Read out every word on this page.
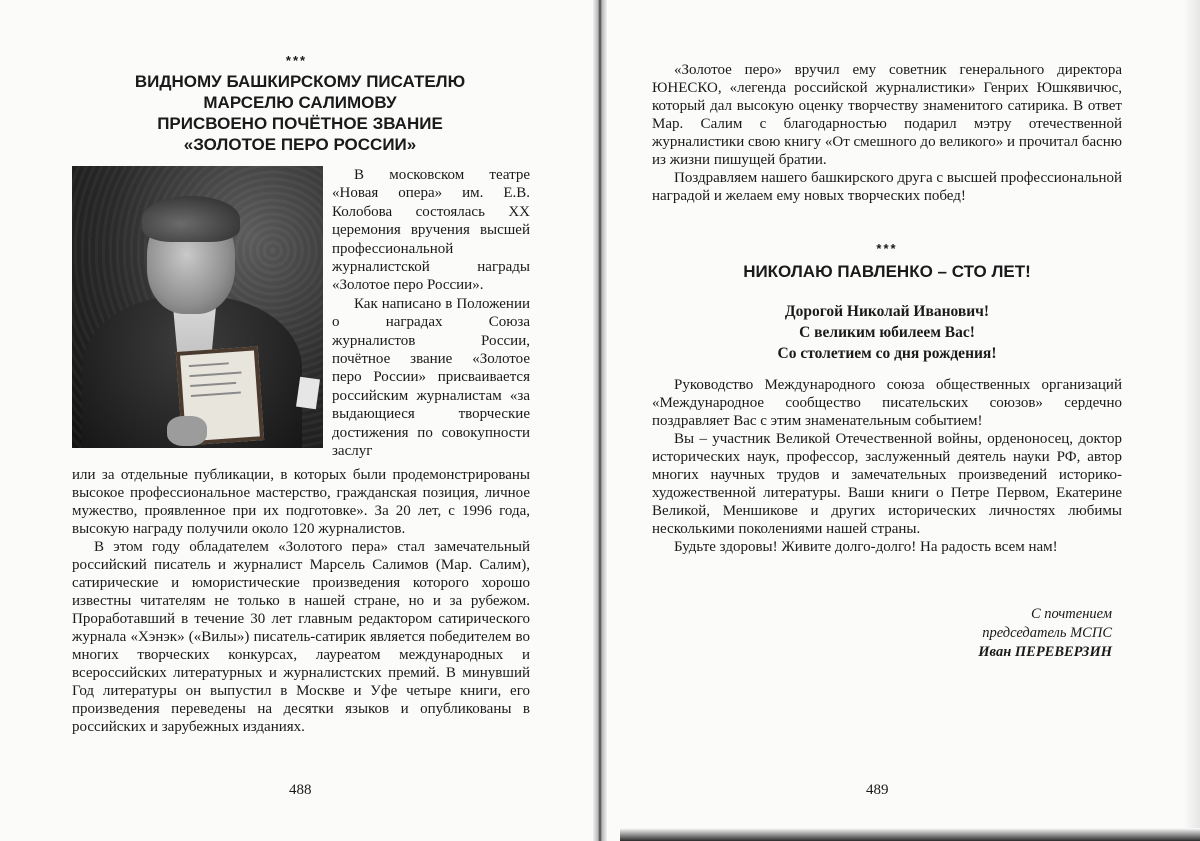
***
ВИДНОМУ БАШКИРСКОМУ ПИСАТЕЛЮ
МАРСЕЛЮ САЛИМОВУ
ПРИСВОЕНО ПОЧЁТНОЕ ЗВАНИЕ
«ЗОЛОТОЕ ПЕРО РОССИИ»

В московском театре «Новая опера» им. Е.В. Колобова состоялась XX церемония вручения высшей профессиональной журналистской награды «Золотое перо России».

Как написано в Положении о наградах Союза журналистов России, почётное звание «Золотое перо России» присваивается российским журналистам «за выдающиеся творческие достижения по совокупности заслуг

или за отдельные публикации, в которых были продемонстрированы высокое профессиональное мастерство, гражданская позиция, личное мужество, проявленное при их подготовке». За 20 лет, с 1996 года, высокую награду получили около 120 журналистов.

В этом году обладателем «Золотого пера» стал замечательный российский писатель и журналист Марсель Салимов (Мар. Салим), сатирические и юмористические произведения которого хорошо известны читателям не только в нашей стране, но и за рубежом. Проработавший в течение 30 лет главным редактором сатирического журнала «Хэнэк» («Вилы») писатель-сатирик является победителем во многих творческих конкурсах, лауреатом международных и всероссийских литературных и журналистских премий. В минувший Год литературы он выпустил в Москве и Уфе четыре книги, его произведения переведены на десятки языков и опубликованы в российских и зарубежных изданиях.

488

«Золотое перо» вручил ему советник генерального директора ЮНЕСКО, «легенда российской журналистики» Генрих Юшкявичюс, который дал высокую оценку творчеству знаменитого сатирика. В ответ Мар. Салим с благодарностью подарил мэтру отечественной журналистики свою книгу «От смешного до великого» и прочитал басню из жизни пишущей братии.

Поздравляем нашего башкирского друга с высшей профессиональной наградой и желаем ему новых творческих побед!

***
НИКОЛАЮ ПАВЛЕНКО – СТО ЛЕТ!
Дорогой Николай Иванович!
С великим юбилеем Вас!
Со столетием со дня рождения!

Руководство Международного союза общественных организаций «Международное сообщество писательских союзов» сердечно поздравляет Вас с этим знаменательным событием!

Вы – участник Великой Отечественной войны, орденоносец, доктор исторических наук, профессор, заслуженный деятель науки РФ, автор многих научных трудов и замечательных произведений историко-художественной литературы. Ваши книги о Петре Первом, Екатерине Великой, Меншикове и других исторических личностях любимы несколькими поколениями нашей страны.

Будьте здоровы! Живите долго-долго! На радость всем нам!

С почтением
председатель МСПС
Иван ПЕРЕВЕРЗИН
489
